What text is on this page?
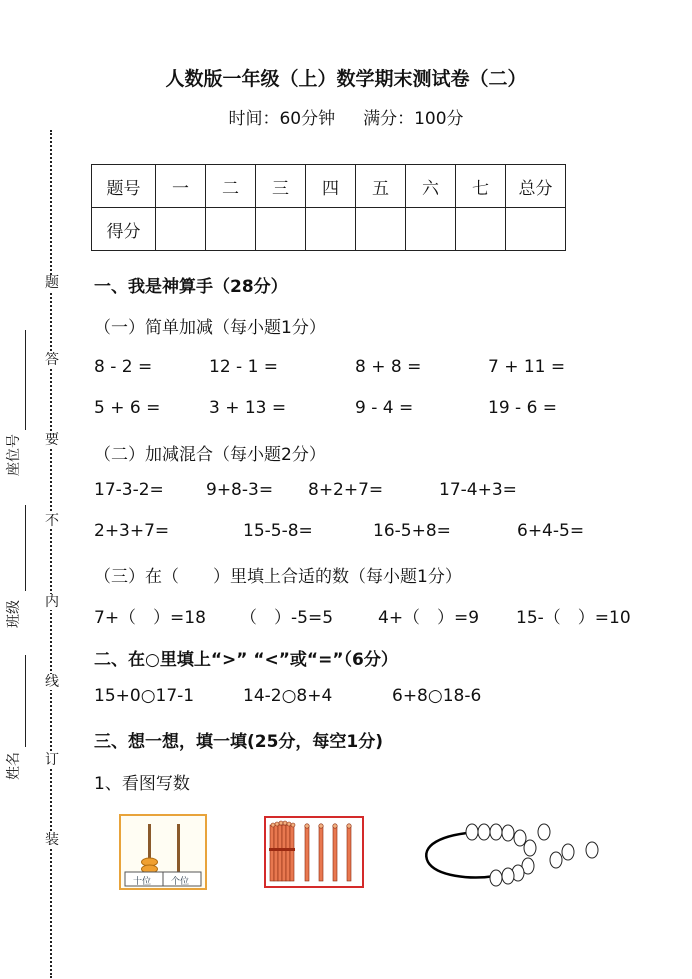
人数版一年级（上）数学期末测试卷（二）
时间：60分钟 满分：100分
题
答
要
不
内
线
订
装
座位号
班级
姓名
题号	一	二	三	四	五	六	七	总分
得分								
一、我是神算手（28分）
（一）简单加减（每小题1分）
8 - 2 =	12 - 1 =	8 + 8 =	7 + 11 =
5 + 6 =	3 + 13 =	9 - 4 =	19 - 6 =
（二）加减混合（每小题2分）
17-3-2= 9+8-3= 8+2+7=	17-4+3=
2+3+7=	15-5-8=	16-5+8=	6+4-5=
（三）在（　　）里填上合适的数（每小题1分）
7+（　）=18 （　）-5=5	4+（　）=9 15-（　）=10
二、在○里填上“>” “<”或“=”（6分）
15+0○17-1	14-2○8+4	6+8○18-6
三、想一想，填一填(25分，每空1分)
1、看图写数
十位 个位
